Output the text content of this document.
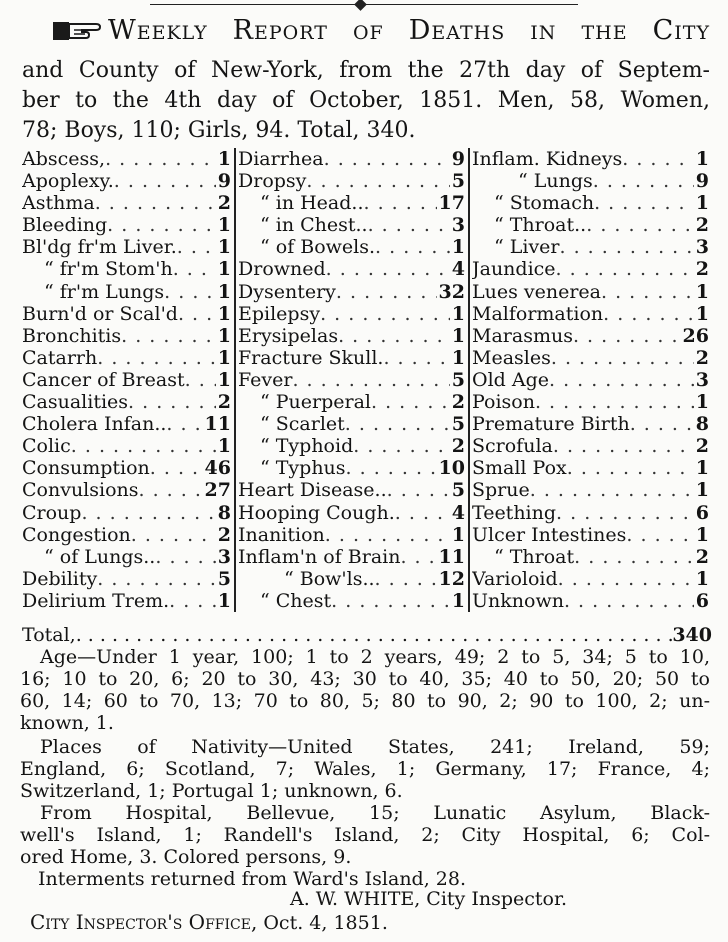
Weekly Report of Deaths in the City
and County of New-York, from the 27th day of Septem-
ber to the 4th day of October, 1851. Men, 58, Women,
78; Boys, 110; Girls, 94. Total, 340.
Abscess, . . .	1
Apoplexy. . . .	9
Asthma . . .	2
Bleeding . . .	1
Bl'dg fr'm Liver. . . . 1
“ fr'm Stom'h . . . 1
“ fr'm Lungs . . .	1
Burn'd or Scal'd . . . 1
Bronchitis . . .	1
Catarrh . . .	1
Cancer of Breast . . . 1
Casualities . . .	2
Cholera Infan.. . . . 11
Colic . . .	1
Consumption . . .	46
Convulsions . . .	27
Croup . . .	8
Congestion . . .	2
“ of Lungs.. . . .	3
Debility . . .	5
Delirium Trem. . . .	1
Diarrhea . . .	9
Dropsy . . .	5
“ in Head.. . . .	17
“ in Chest.. . . .	3
“ of Bowels. . . .	1
Drowned . . .	4
Dysentery . . .	32
Epilepsy . . .	1
Erysipelas . . .	1
Fracture Skull. . . .	1
Fever . . .	5
“ Puerperal . . .	2
“ Scarlet . . .	5
“ Typhoid . . .	2
“ Typhus . . .	10
Heart Disease.. . . .	5
Hooping Cough. . . .	4
Inanition . . .	1
Inflam'n of Brain . . . 11
“ Bow'ls.. . . .	12
“ Chest . . .	1
Inflam. Kidneys . . .	1
“ Lungs . . .	9
“ Stomach . . .	1
“ Throat.. . . .	2
“ Liver . . .	3
Jaundice . . .	2
Lues venerea . . .	1
Malformation . . .	1
Marasmus . . .	26
Measles . . .	2
Old Age . . .	3
Poison . . .	1
Premature Birth . . .	8
Scrofula . . .	2
Small Pox . . .	1
Sprue . . .	1
Teething . . .	6
Ulcer Intestines . . .	1
“ Throat . . .	2
Varioloid . . .	1
Unknown . . .	6
Total, . . .	340
Age—Under 1 year, 100; 1 to 2 years, 49; 2 to 5, 34; 5 to 10,
16; 10 to 20, 6; 20 to 30, 43; 30 to 40, 35; 40 to 50, 20; 50 to
60, 14; 60 to 70, 13; 70 to 80, 5; 80 to 90, 2; 90 to 100, 2; un-
known, 1.
Places of Nativity—United States, 241; Ireland, 59;
England, 6; Scotland, 7; Wales, 1; Germany, 17; France, 4;
Switzerland, 1; Portugal 1; unknown, 6.
From Hospital, Bellevue, 15; Lunatic Asylum, Black-
well's Island, 1; Randell's Island, 2; City Hospital, 6; Col-
ored Home, 3. Colored persons, 9.
Interments returned from Ward's Island, 28.
A. W. WHITE, City Inspector.
City Inspector's Office, Oct. 4, 1851.
